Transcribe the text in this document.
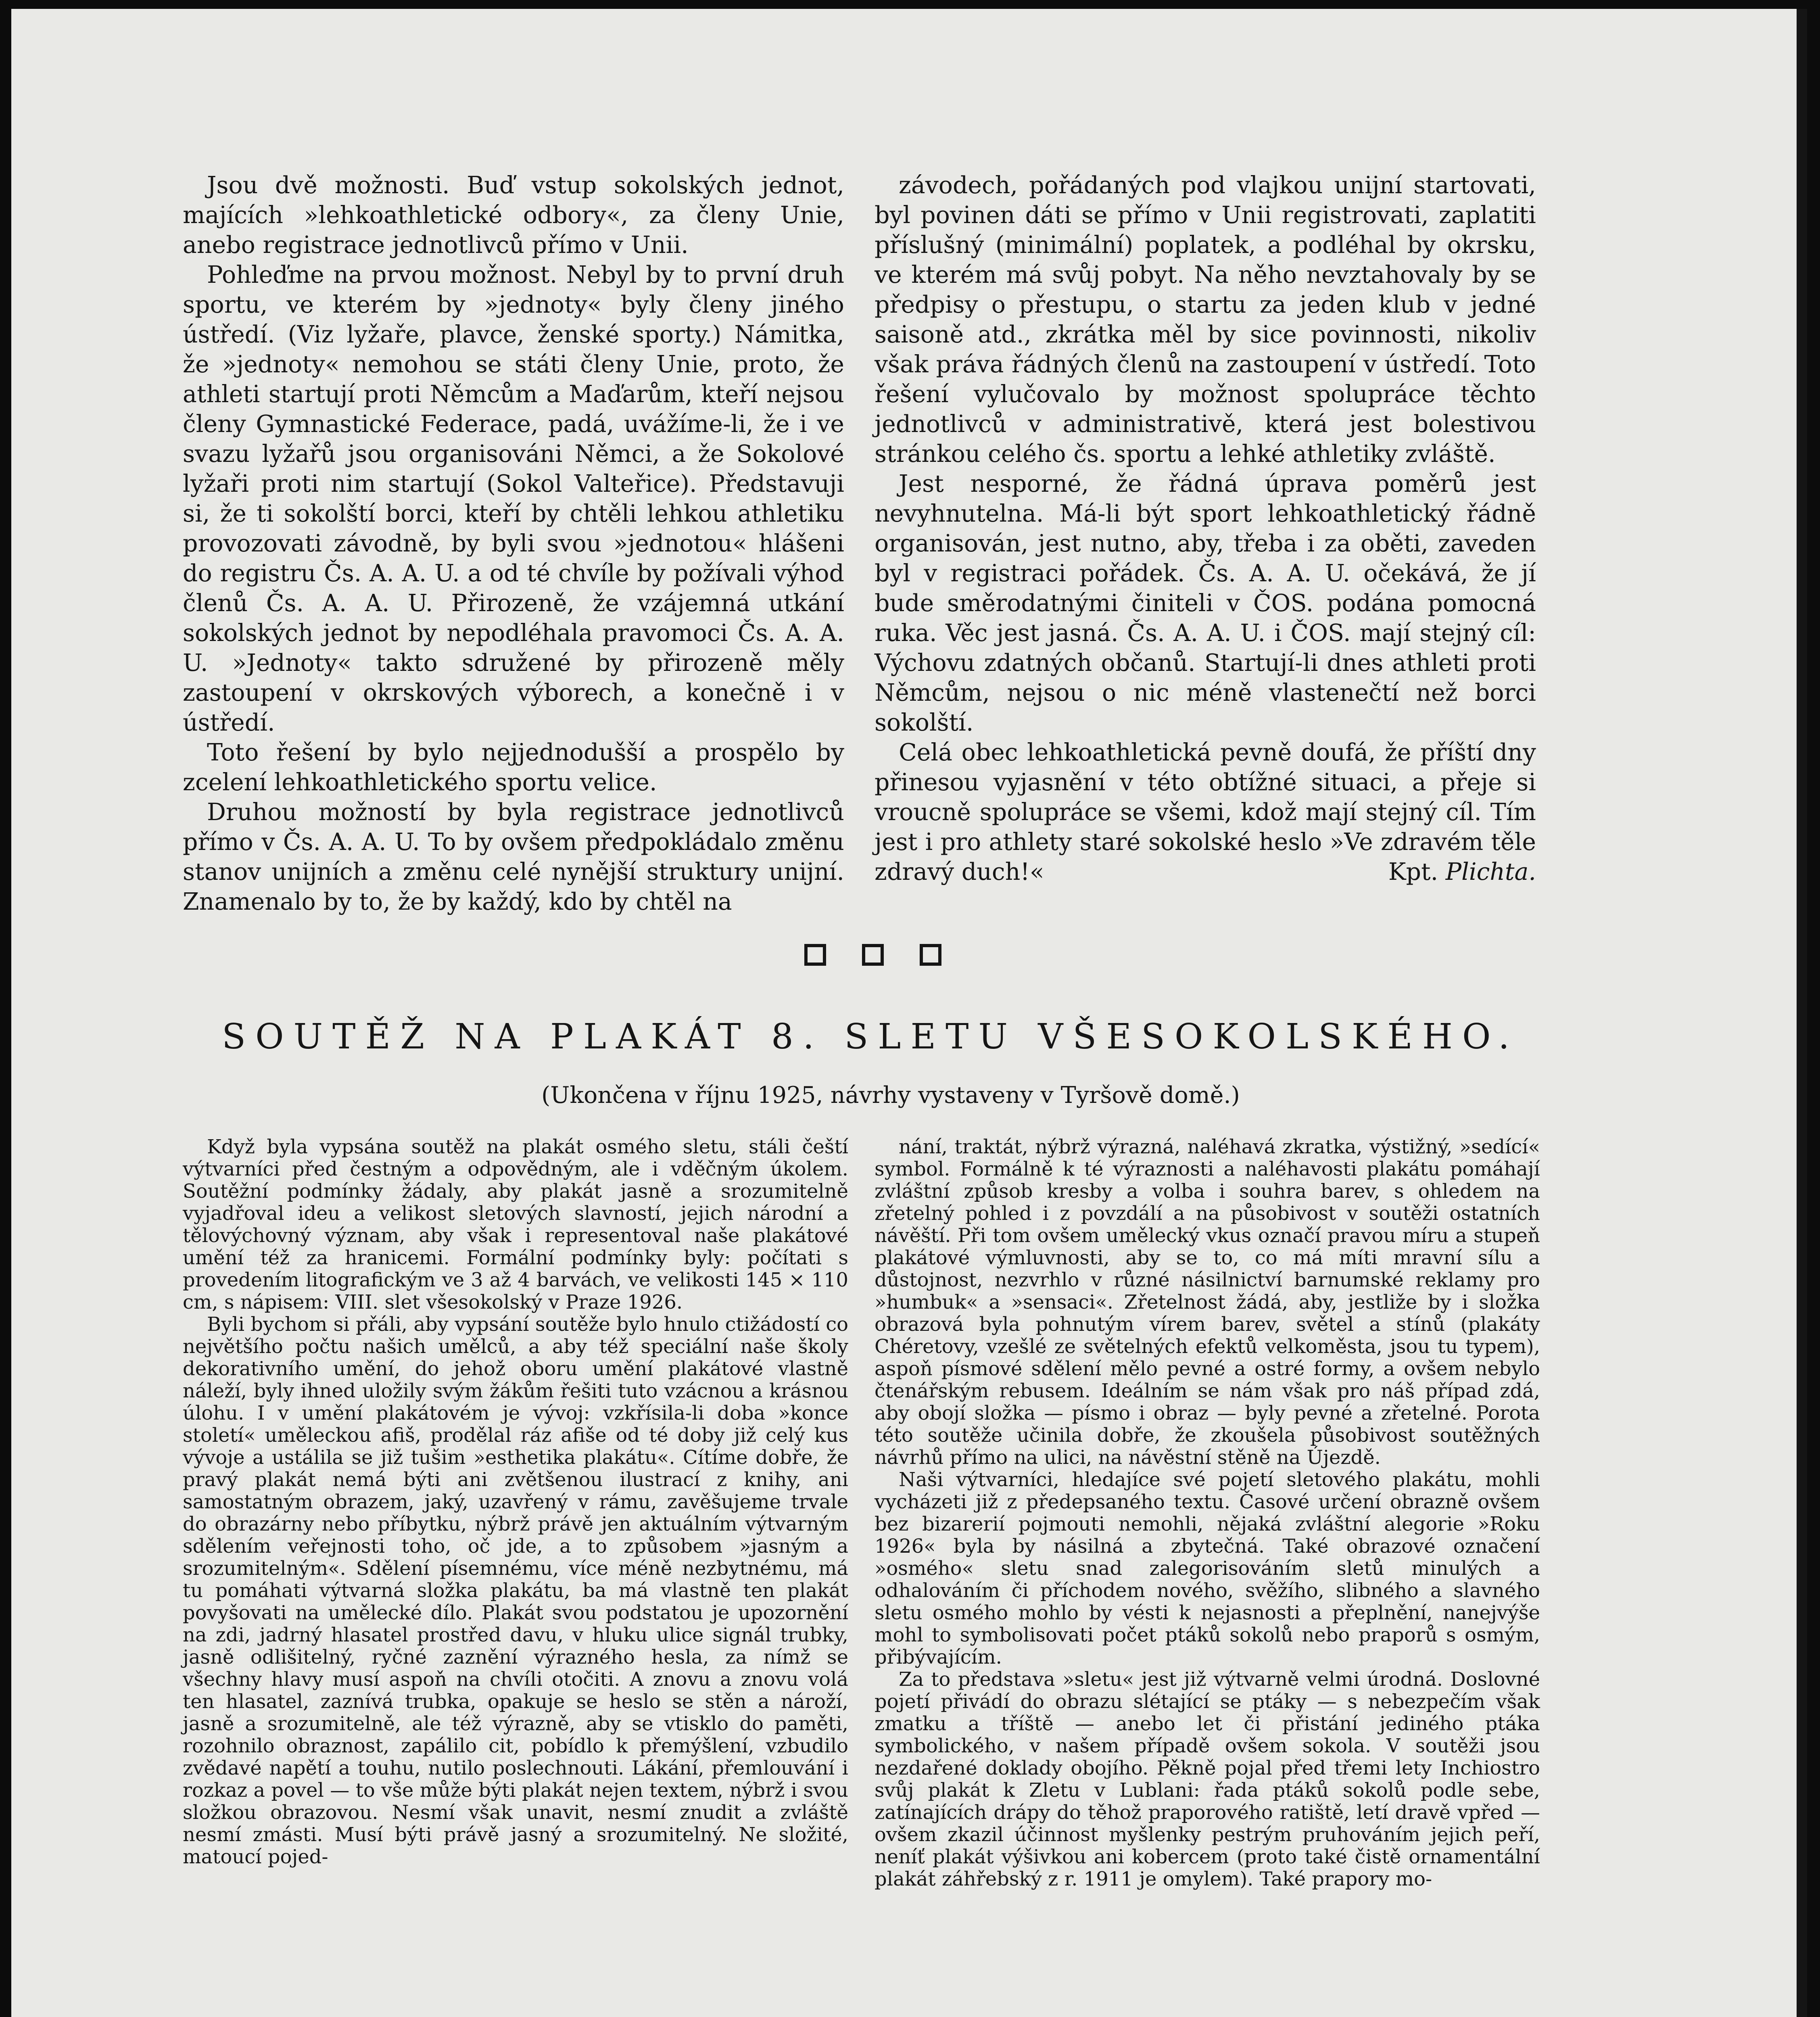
Jsou dvě možnosti. Buď vstup sokolských jednot, majících »lehkoathletické odbory«, za členy Unie, anebo registrace jednotlivců přímo v Unii.

Pohleďme na prvou možnost. Nebyl by to první druh sportu, ve kterém by »jednoty« byly členy jiného ústředí. (Viz lyžaře, plavce, ženské sporty.) Námitka, že »jednoty« nemohou se státi členy Unie, proto, že athleti startují proti Němcům a Maďarům, kteří nejsou členy Gymnastické Federace, padá, uvážíme-li, že i ve svazu lyžařů jsou organisováni Němci, a že Sokolové lyžaři proti nim startují (Sokol Valteřice). Představuji si, že ti sokolští borci, kteří by chtěli lehkou athletiku provozovati závodně, by byli svou »jednotou« hlášeni do registru Čs. A. A. U. a od té chvíle by požívali výhod členů Čs. A. A. U. Přirozeně, že vzájemná utkání sokolských jednot by nepodléhala pravomoci Čs. A. A. U. »Jednoty« takto sdružené by přirozeně měly zastoupení v okrskových výborech, a konečně i v ústředí.

Toto řešení by bylo nejjednodušší a prospělo by zcelení lehkoathletického sportu velice.

Druhou možností by byla registrace jednotlivců přímo v Čs. A. A. U. To by ovšem předpokládalo změnu stanov unijních a změnu celé nynější struktury unijní. Znamenalo by to, že by každý, kdo by chtěl na

závodech, pořádaných pod vlajkou unijní startovati, byl povinen dáti se přímo v Unii registrovati, zaplatiti příslušný (minimální) poplatek, a podléhal by okrsku, ve kterém má svůj pobyt. Na něho nevztahovaly by se předpisy o přestupu, o startu za jeden klub v jedné saisoně atd., zkrátka měl by sice povinnosti, nikoliv však práva řádných členů na zastoupení v ústředí. Toto řešení vylučovalo by možnost spolupráce těchto jednotlivců v administrativě, která jest bolestivou stránkou celého čs. sportu a lehké athletiky zvláště.

Jest nesporné, že řádná úprava poměrů jest nevyhnutelna. Má-li být sport lehkoathletický řádně organisován, jest nutno, aby, třeba i za oběti, zaveden byl v registraci pořádek. Čs. A. A. U. očekává, že jí bude směrodatnými činiteli v ČOS. podána pomocná ruka. Věc jest jasná. Čs. A. A. U. i ČOS. mají stejný cíl: Výchovu zdatných občanů. Startují-li dnes athleti proti Němcům, nejsou o nic méně vlastenečtí než borci sokolští.

Celá obec lehkoathletická pevně doufá, že příští dny přinesou vyjasnění v této obtížné situaci, a přeje si vroucně spolupráce se všemi, kdož mají stejný cíl. Tím jest i pro athlety staré sokolské heslo »Ve zdravém těle zdravý duch!«	Kpt. Plichta.

SOUTĚŽ NA PLAKÁT 8. SLETU VŠESOKOLSKÉHO.

(Ukončena v říjnu 1925, návrhy vystaveny v Tyršově domě.)

Když byla vypsána soutěž na plakát osmého sletu, stáli čeští výtvarníci před čestným a odpovědným, ale i vděčným úkolem. Soutěžní podmínky žádaly, aby plakát jasně a srozumitelně vyjadřoval ideu a velikost sletových slavností, jejich národní a tělovýchovný význam, aby však i representoval naše plakátové umění též za hranicemi. Formální podmínky byly: počítati s provedením litografickým ve 3 až 4 barvách, ve velikosti 145 × 110 cm, s nápisem: VIII. slet všesokolský v Praze 1926.

Byli bychom si přáli, aby vypsání soutěže bylo hnulo ctižádostí co největšího počtu našich umělců, a aby též speciální naše školy dekorativního umění, do jehož oboru umění plakátové vlastně náleží, byly ihned uložily svým žákům řešiti tuto vzácnou a krásnou úlohu. I v umění plakátovém je vývoj: vzkřísila-li doba »konce století« uměleckou afiš, prodělal ráz afiše od té doby již celý kus vývoje a ustálila se již tušim »esthetika plakátu«. Cítíme dobře, že pravý plakát nemá býti ani zvětšenou ilustrací z knihy, ani samostatným obrazem, jaký, uzavřený v rámu, zavěšujeme trvale do obrazárny nebo příbytku, nýbrž právě jen aktuálním výtvarným sdělením veřejnosti toho, oč jde, a to způsobem »jasným a srozumitelným«. Sdělení písemnému, více méně nezbytnému, má tu pomáhati výtvarná složka plakátu, ba má vlastně ten plakát povyšovati na umělecké dílo. Plakát svou podstatou je upozornění na zdi, jadrný hlasatel prostřed davu, v hluku ulice signál trubky, jasně odlišitelný, ryčné zaznění výrazného hesla, za nímž se všechny hlavy musí aspoň na chvíli otočiti. A znovu a znovu volá ten hlasatel, zaznívá trubka, opakuje se heslo se stěn a nároží, jasně a srozumitelně, ale též výrazně, aby se vtisklo do paměti, rozohnilo obraznost, zapálilo cit, pobídlo k přemýšlení, vzbudilo zvědavé napětí a touhu, nutilo poslechnouti. Lákání, přemlouvání i rozkaz a povel — to vše může býti plakát nejen textem, nýbrž i svou složkou obrazovou. Nesmí však unavit, nesmí znudit a zvláště nesmí zmásti. Musí býti právě jasný a srozumitelný. Ne složité, matoucí pojed-

nání, traktát, nýbrž výrazná, naléhavá zkratka, výstižný, »sedící« symbol. Formálně k té výraznosti a naléhavosti plakátu pomáhají zvláštní způsob kresby a volba i souhra barev, s ohledem na zřetelný pohled i z povzdálí a na působivost v soutěži ostatních návěští. Při tom ovšem umělecký vkus označí pravou míru a stupeň plakátové výmluvnosti, aby se to, co má míti mravní sílu a důstojnost, nezvrhlo v různé násilnictví barnumské reklamy pro »humbuk« a »sensaci«. Zřetelnost žádá, aby, jestliže by i složka obrazová byla pohnutým vírem barev, světel a stínů (plakáty Chéretovy, vzešlé ze světelných efektů velkoměsta, jsou tu typem), aspoň písmové sdělení mělo pevné a ostré formy, a ovšem nebylo čtenářským rebusem. Ideálním se nám však pro náš případ zdá, aby obojí složka — písmo i obraz — byly pevné a zřetelné. Porota této soutěže učinila dobře, že zkoušela působivost soutěžných návrhů přímo na ulici, na návěstní stěně na Újezdě.

Naši výtvarníci, hledajíce své pojetí sletového plakátu, mohli vycházeti již z předepsaného textu. Časové určení obrazně ovšem bez bizarerií pojmouti nemohli, nějaká zvláštní alegorie »Roku 1926« byla by násilná a zbytečná. Také obrazové označení »osmého« sletu snad zalegorisováním sletů minulých a odhalováním či příchodem nového, svěžího, slibného a slavného sletu osmého mohlo by vésti k nejasnosti a přeplnění, nanejvýše mohl to symbolisovati počet ptáků sokolů nebo praporů s osmým, přibývajícím.

Za to představa »sletu« jest již výtvarně velmi úrodná. Doslovné pojetí přivádí do obrazu slétající se ptáky — s nebezpečím však zmatku a tříště — anebo let či přistání jediného ptáka symbolického, v našem případě ovšem sokola. V soutěži jsou nezdařené doklady obojího. Pěkně pojal před třemi lety Inchiostro svůj plakát k Zletu v Lublani: řada ptáků sokolů podle sebe, zatínajících drápy do těhož praporového ratiště, letí dravě vpřed — ovšem zkazil účinnost myšlenky pestrým pruhováním jejich peří, neníť plakát výšivkou ani kobercem (proto také čistě ornamentální plakát záhřebský z r. 1911 je omylem). Také prapory mo-
